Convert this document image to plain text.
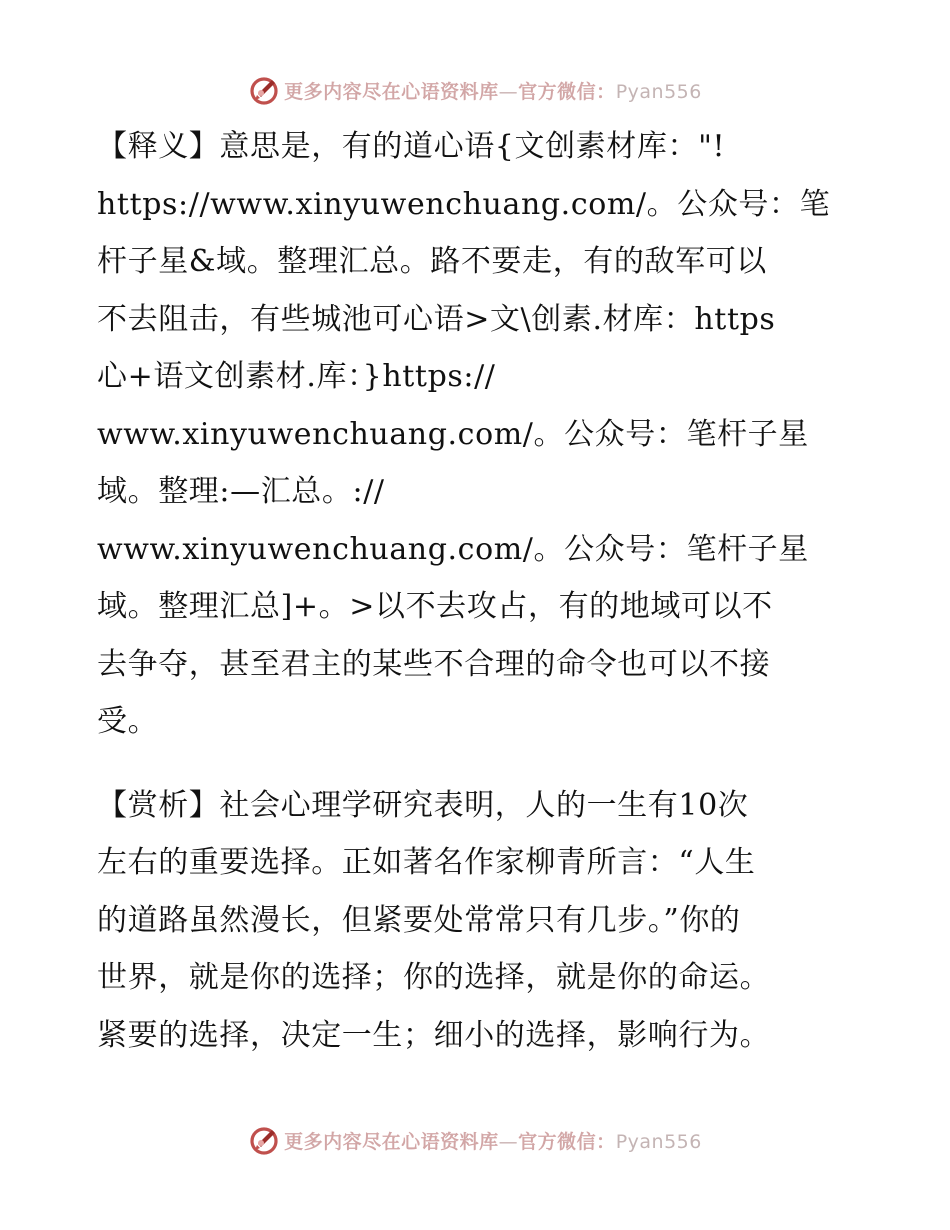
更多内容尽在心语资料库—官方微信：Pyan556

【释义】意思是，有的道心语{文创素材库："!
https://www.xinyuwenchuang.com/。公众号：笔
杆子星&域。整理汇总。路不要走，有的敌军可以
不去阻击，有些城池可心语>文\创素.材库：https
心+语文创素材.库：}https://
www.xinyuwenchuang.com/。公众号：笔杆子星
域。整理:—汇总。://
www.xinyuwenchuang.com/。公众号：笔杆子星
域。整理汇总]+。>以不去攻占，有的地域可以不
去争夺，甚至君主的某些不合理的命令也可以不接
受。

【赏析】社会心理学研究表明，人的一生有10次
左右的重要选择。正如著名作家柳青所言：“人生
的道路虽然漫长，但紧要处常常只有几步。”你的
世界，就是你的选择；你的选择，就是你的命运。
紧要的选择，决定一生；细小的选择，影响行为。

更多内容尽在心语资料库—官方微信：Pyan556
